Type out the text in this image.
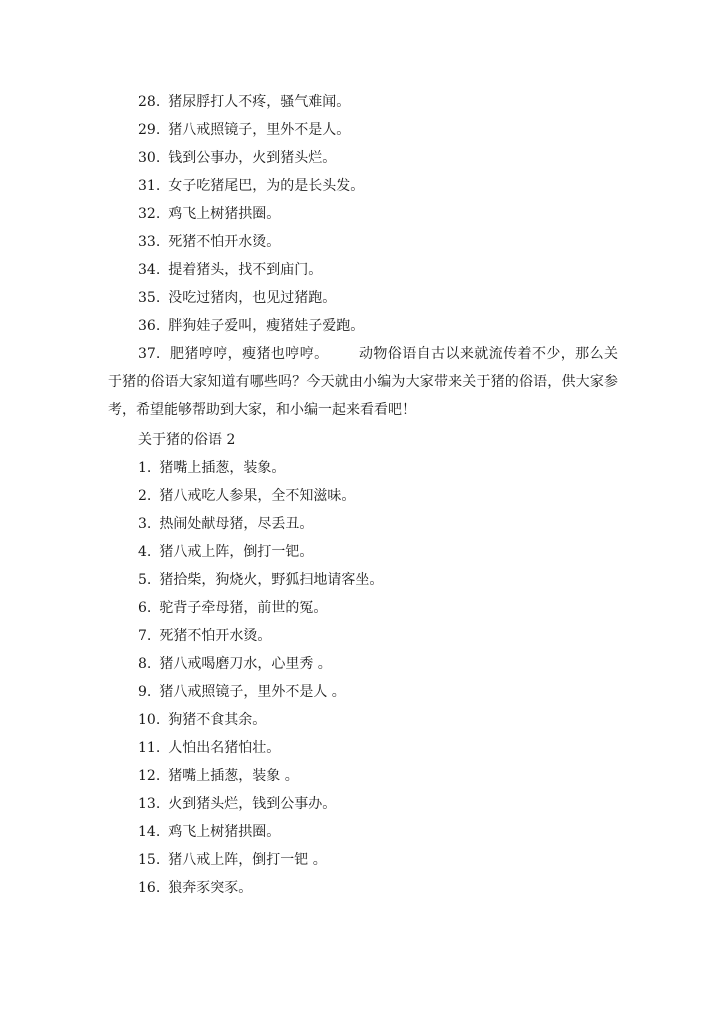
28. 猪尿脬打人不疼，骚气难闻。
29. 猪八戒照镜子，里外不是人。
30. 钱到公事办，火到猪头烂。
31. 女子吃猪尾巴，为的是长头发。
32. 鸡飞上树猪拱圈。
33. 死猪不怕开水烫。
34. 提着猪头，找不到庙门。
35. 没吃过猪肉，也见过猪跑。
36. 胖狗娃子爱叫，瘦猪娃子爱跑。
37. 肥猪哼哼，瘦猪也哼哼。 动物俗语自古以来就流传着不少，那么关于猪的俗语大家知道有哪些吗？今天就由小编为大家带来关于猪的俗语，供大家参考，希望能够帮助到大家，和小编一起来看看吧！
关于猪的俗语 2
1. 猪嘴上插葱，装象。
2. 猪八戒吃人参果，全不知滋味。
3. 热闹处献母猪，尽丢丑。
4. 猪八戒上阵，倒打一钯。
5. 猪拾柴，狗烧火，野狐扫地请客坐。
6. 驼背子牵母猪，前世的冤。
7. 死猪不怕开水烫。
8. 猪八戒喝磨刀水，心里秀 。
9. 猪八戒照镜子，里外不是人 。
10. 狗猪不食其余。
11. 人怕出名猪怕壮。
12. 猪嘴上插葱，装象 。
13. 火到猪头烂，钱到公事办。
14. 鸡飞上树猪拱圈。
15. 猪八戒上阵，倒打一钯 。
16. 狼奔豕突豕。
